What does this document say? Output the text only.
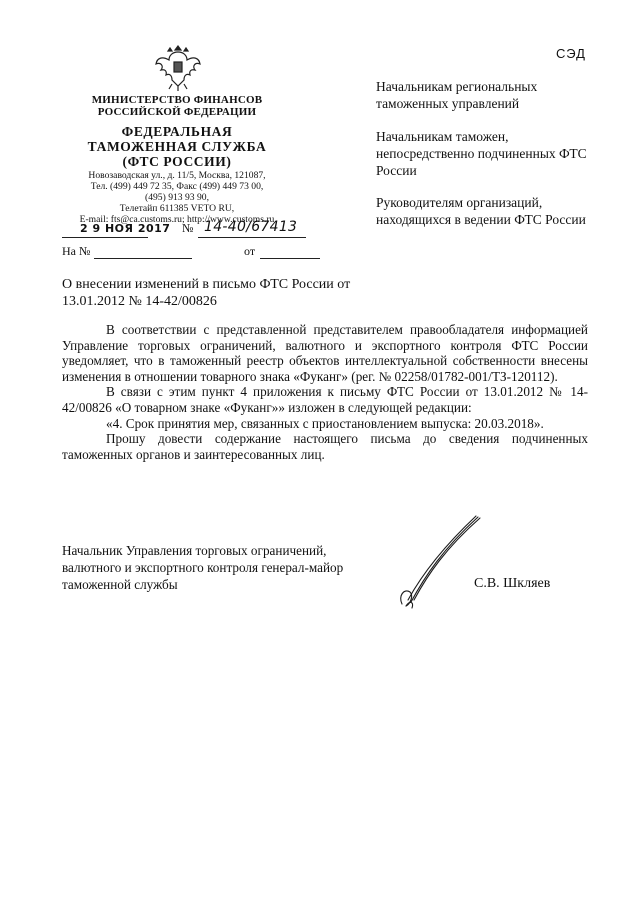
МИНИСТЕРСТВО ФИНАНСОВ
РОССИЙСКОЙ ФЕДЕРАЦИИ
ФЕДЕРАЛЬНАЯ
ТАМОЖЕННАЯ СЛУЖБА
(ФТС РОССИИ)
Новозаводская ул., д. 11/5, Москва, 121087,
Тел. (499) 449 72 35, Факс (499) 449 73 00,
(495) 913 93 90,
Телетайп 611385 VETO RU,
E-mail: fts@ca.customs.ru; http://www.customs.ru
2 9 НОЯ 2017 № 14-40/67413
На №	от
СЭД
Начальникам региональных таможенных управлений
Начальникам таможен, непосредственно подчиненных ФТС России
Руководителям организаций, находящихся в ведении ФТС России
О внесении изменений в письмо ФТС России от 13.01.2012 № 14-42/00826

В соответствии с представленной представителем правообладателя информацией Управление торговых ограничений, валютного и экспортного контроля ФТС России уведомляет, что в таможенный реестр объектов интеллектуальной собственности внесены изменения в отношении товарного знака «Фуканг» (рег. № 02258/01782-001/ТЗ-120112).

В связи с этим пункт 4 приложения к письму ФТС России от 13.01.2012 № 14-42/00826 «О товарном знаке «Фуканг»» изложен в следующей редакции:

«4. Срок принятия мер, связанных с приостановлением выпуска: 20.03.2018».

Прошу довести содержание настоящего письма до сведения подчиненных таможенных органов и заинтересованных лиц.

Начальник Управления торговых ограничений, валютного и экспортного контроля генерал-майор таможенной службы	С.В. Шкляев
